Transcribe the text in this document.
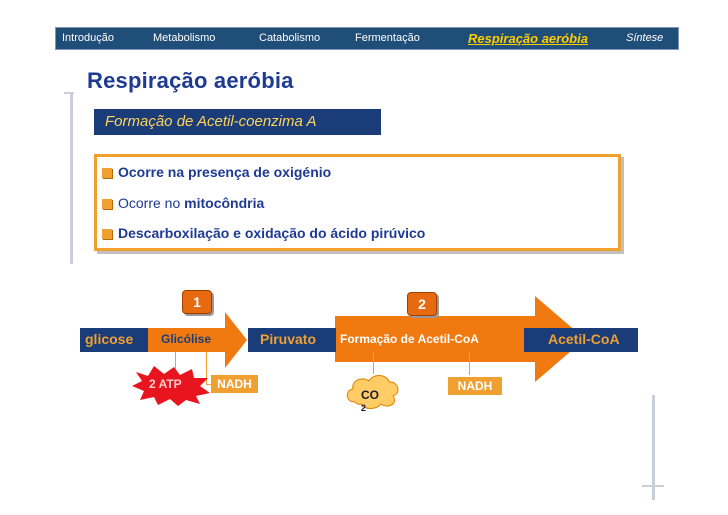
Introdução	Metabolismo	Catabolismo	Fermentação	Respiração aeróbia	Síntese
Respiração aeróbia
Formação de Acetil-coenzima A
Ocorre na presença de oxigénio
Ocorre no mitocôndria
Descarboxilação e oxidação do ácido pirúvico
glicose Glicólise	Piruvato Formação de Acetil-CoA	Acetil-CoA
1	2
2 ATP	NADH
CO
2
NADH
